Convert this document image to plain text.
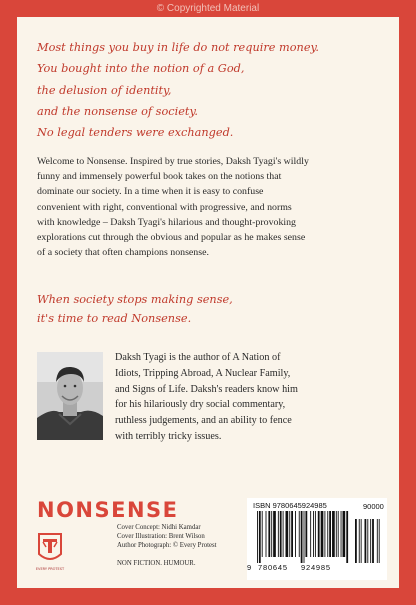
© Copyrighted Material
Most things you buy in life do not require money.
You bought into the notion of a God,
the delusion of identity,
and the nonsense of society.
No legal tenders were exchanged.
Welcome to Nonsense. Inspired by true stories, Daksh Tyagi's wildly
funny and immensely powerful book takes on the notions that
dominate our society. In a time when it is easy to confuse
convenient with right, conventional with progressive, and norms
with knowledge – Daksh Tyagi's hilarious and thought-provoking
explorations cut through the obvious and popular as he makes sense
of a society that often champions nonsense.
When society stops making sense,
it's time to read Nonsense.
Daksh Tyagi is the author of A Nation of
Idiots, Tripping Abroad, A Nuclear Family,
and Signs of Life. Daksh's readers know him
for his hilariously dry social commentary,
ruthless judgements, and an ability to fence
with terribly tricky issues.
NONSENSE
EVERY PROTEST
Cover Concept: Nidhi Kamdar
Cover Illustration: Brent Wilson
Author Photograph: © Every Protest
NON FICTION. HUMOUR.
ISBN 9780645924985	90000
9 780645 924985
